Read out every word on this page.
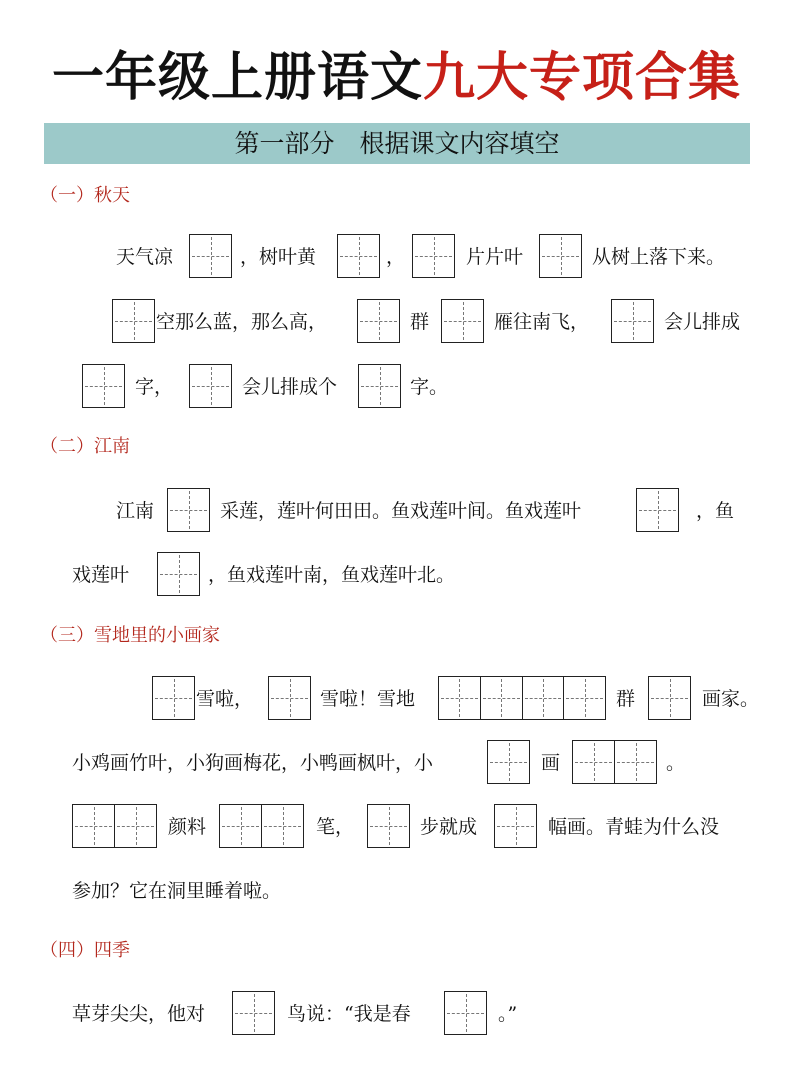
一年级上册语文九大专项合集
第一部分　根据课文内容填空
（一）秋天
天气凉	，树叶黄	，	片片叶	从树上落下来。
空那么蓝，那么高，	群	雁往南飞，	会儿排成
字，	会儿排成个	字。
（二）江南
江南	采莲，莲叶何田田。鱼戏莲叶间。鱼戏莲叶	，鱼
戏莲叶	，鱼戏莲叶南，鱼戏莲叶北。
（三）雪地里的小画家
雪啦，	雪啦！雪地	群	画家。
小鸡画竹叶，小狗画梅花，小鸭画枫叶，小	画	。
颜料	笔，	步就成	幅画。青蛙为什么没
参加？它在洞里睡着啦。
（四）四季
草芽尖尖，他对	鸟说：“我是春	。”
